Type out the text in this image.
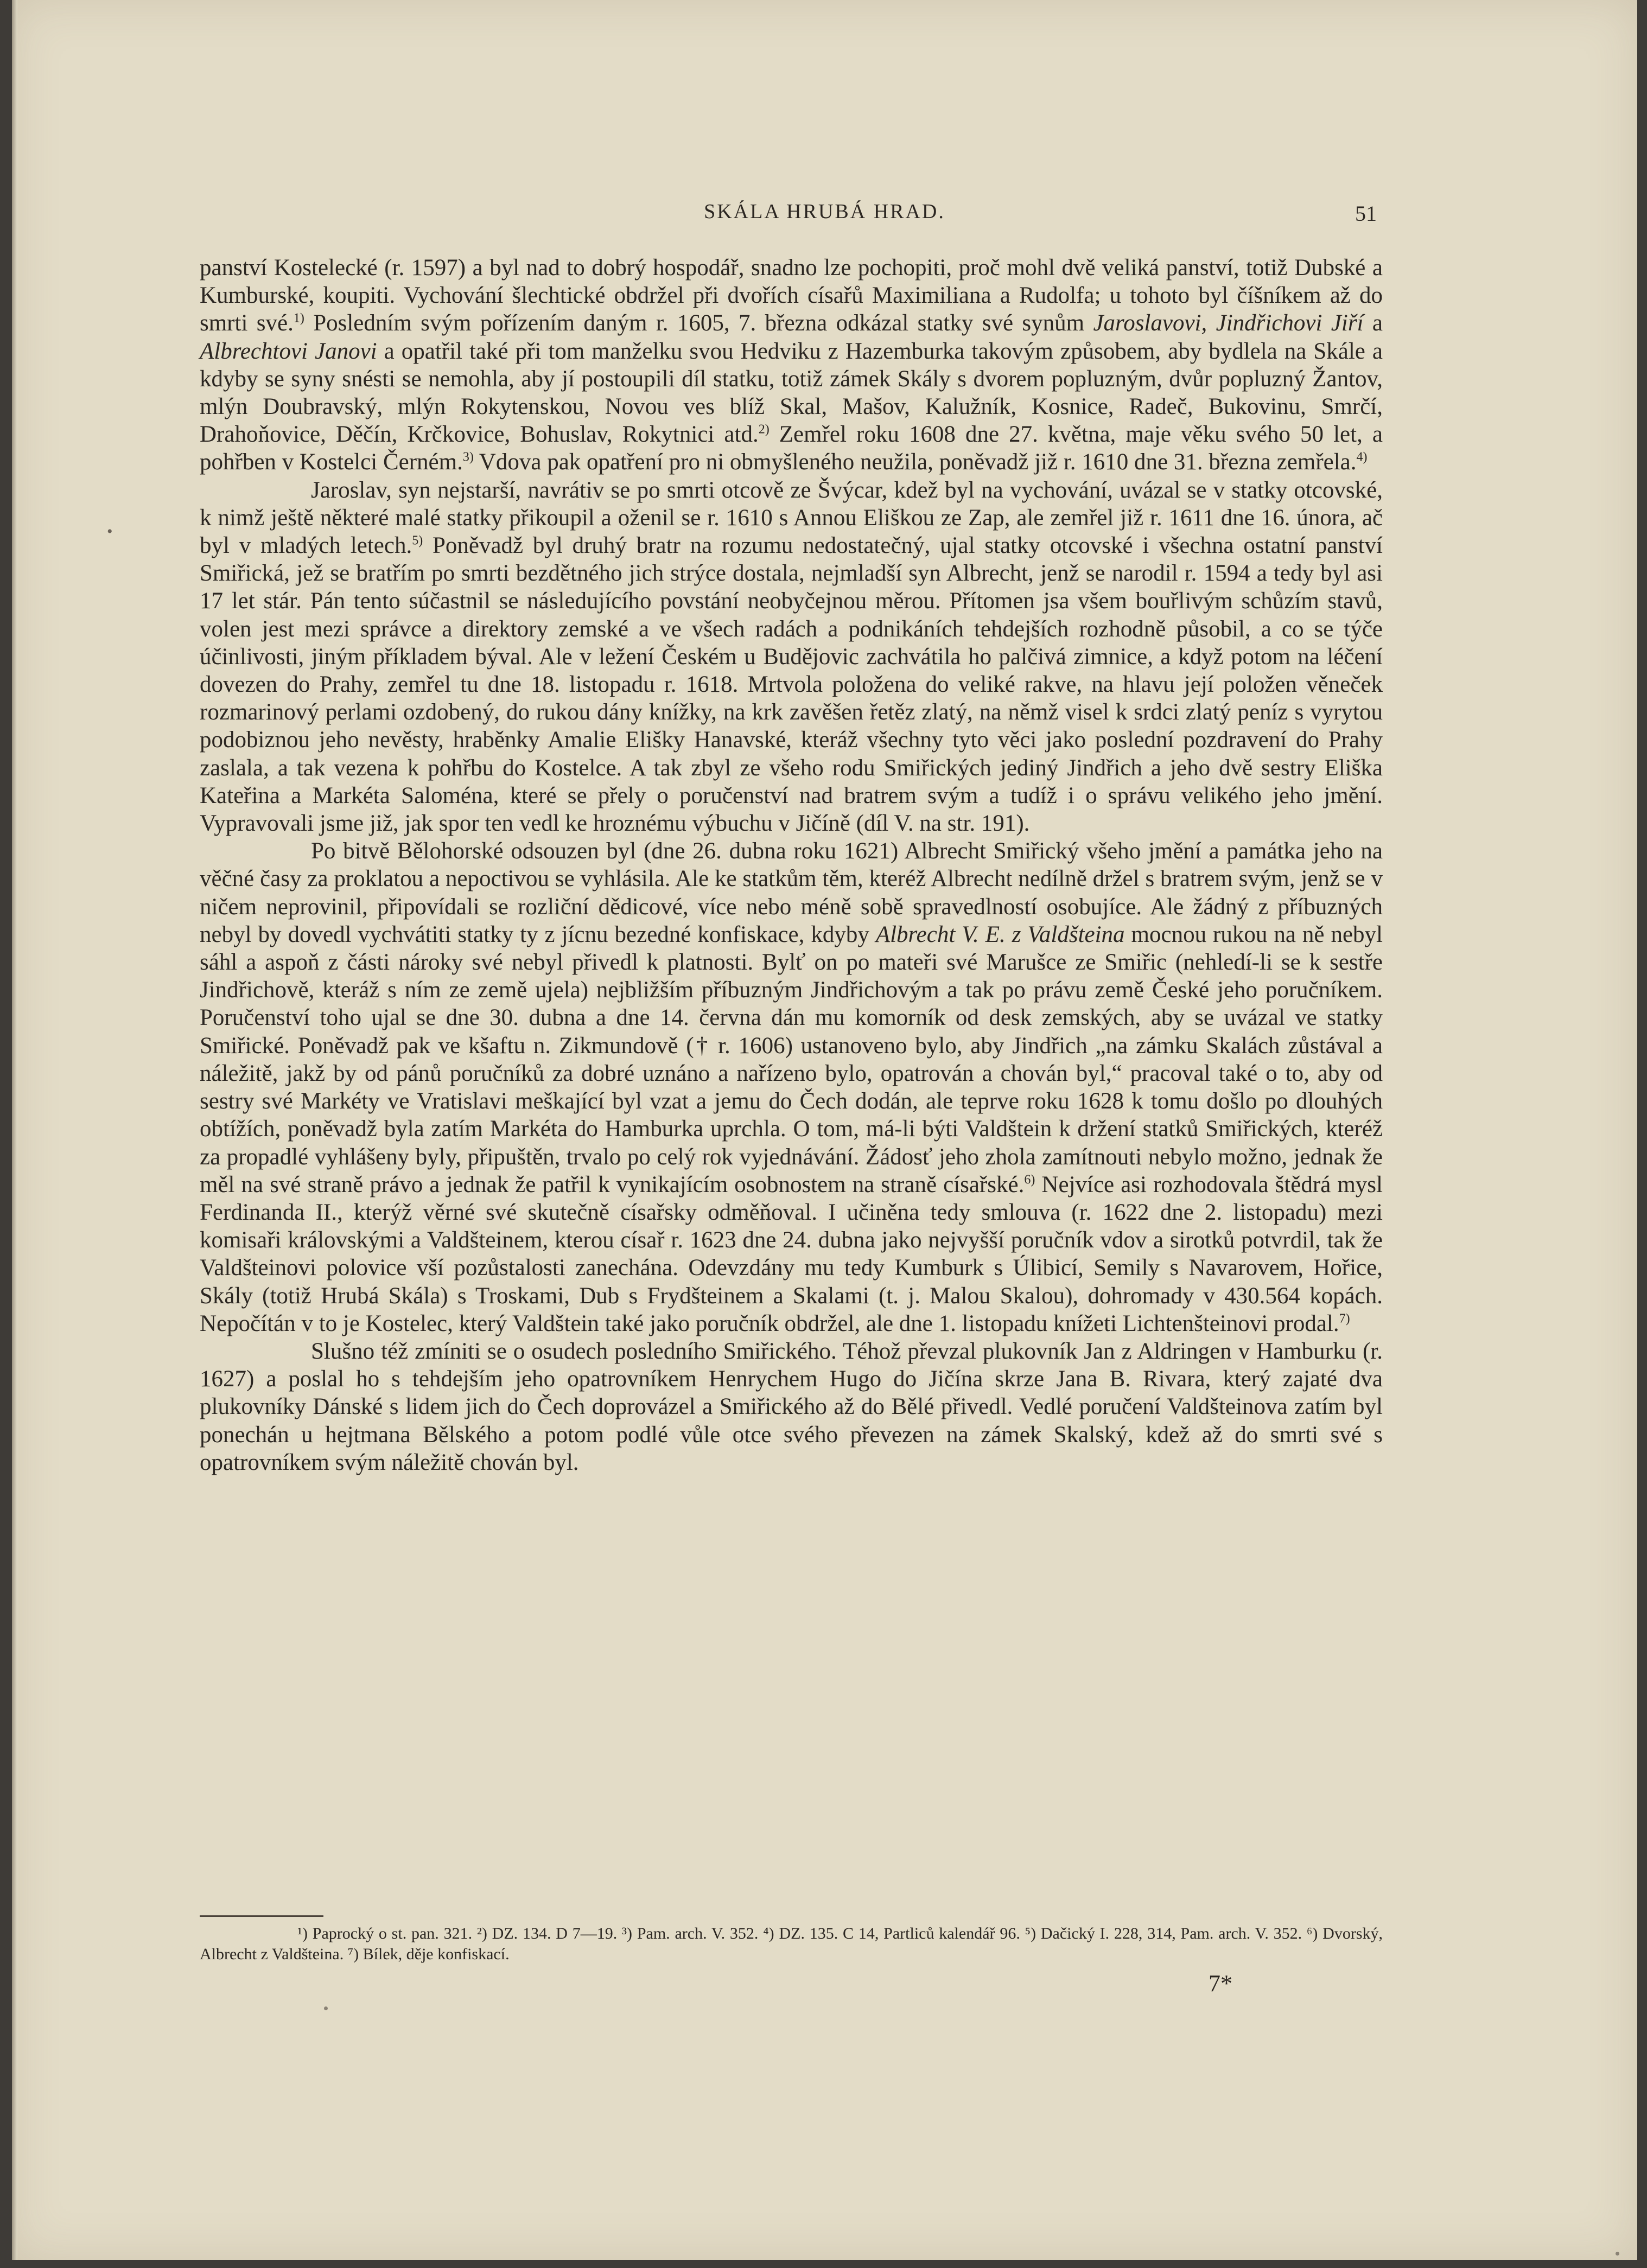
SKÁLA HRUBÁ HRAD.	51
•

panství Kostelecké (r. 1597) a byl nad to dobrý hospodář, snadno lze pochopiti, proč mohl dvě veliká panství, totiž Dubské a Kumburské, koupiti. Vychování šlechtické obdržel při dvořích císařů Maximiliana a Rudolfa; u tohoto byl číšníkem až do smrti své.$^{1)}$ Posledním svým pořízením daným r. 1605, 7. března odkázal statky své synům Jaroslavovi, Jindřichovi Jiří a Albrechtovi Janovi a opatřil také při tom manželku svou Hedviku z Hazemburka takovým způsobem, aby bydlela na Skále a kdyby se syny snésti se nemohla, aby jí postoupili díl statku, totiž zámek Skály s dvorem popluzným, dvůr popluzný Žantov, mlýn Doubravský, mlýn Rokytenskou, Novou ves blíž Skal, Mašov, Kalužník, Kosnice, Radeč, Bukovinu, Smrčí, Drahoňovice, Děčín, Krčkovice, Bohuslav, Rokytnici atd.$^{2)}$ Zemřel roku 1608 dne 27. května, maje věku svého 50 let, a pohřben v Kostelci Černém.$^{3)}$ Vdova pak opatření pro ni obmyšleného neužila, poněvadž již r. 1610 dne 31. března zemřela.$^{4)}$

Jaroslav, syn nejstarší, navrátiv se po smrti otcově ze Švýcar, kdež byl na vychování, uvázal se v statky otcovské, k nimž ještě některé malé statky přikoupil a oženil se r. 1610 s Annou Eliškou ze Zap, ale zemřel již r. 1611 dne 16. února, ač byl v mladých letech.$^{5)}$ Poněvadž byl druhý bratr na rozumu nedostatečný, ujal statky otcovské i všechna ostatní panství Smiřická, jež se bratřím po smrti bezdětného jich strýce dostala, nejmladší syn Albrecht, jenž se narodil r. 1594 a tedy byl asi 17 let stár. Pán tento súčastnil se následujícího povstání neobyčejnou měrou. Přítomen jsa všem bouřlivým schůzím stavů, volen jest mezi správce a direktory zemské a ve všech radách a podnikáních tehdejších rozhodně působil, a co se týče účinlivosti, jiným příkladem býval. Ale v ležení Českém u Budějovic zachvátila ho palčivá zimnice, a když potom na léčení dovezen do Prahy, zemřel tu dne 18. listopadu r. 1618. Mrtvola položena do veliké rakve, na hlavu její položen věneček rozmarinový perlami ozdobený, do rukou dány knížky, na krk zavěšen řetěz zlatý, na němž visel k srdci zlatý peníz s vyrytou podobiznou jeho nevěsty, hraběnky Amalie Elišky Hanavské, kteráž všechny tyto věci jako poslední pozdravení do Prahy zaslala, a tak vezena k pohřbu do Kostelce. A tak zbyl ze všeho rodu Smiřických jediný Jindřich a jeho dvě sestry Eliška Kateřina a Markéta Saloména, které se přely o poručenství nad bratrem svým a tudíž i o správu velikého jeho jmění. Vypravovali jsme již, jak spor ten vedl ke hroznému výbuchu v Jičíně (díl V. na str. 191).

Po bitvě Bělohorské odsouzen byl (dne 26. dubna roku 1621) Albrecht Smiřický všeho jmění a památka jeho na věčné časy za proklatou a nepoctivou se vyhlásila. Ale ke statkům těm, kteréž Albrecht nedílně držel s bratrem svým, jenž se v ničem neprovinil, připovídali se rozliční dědicové, více nebo méně sobě spravedlností osobujíce. Ale žádný z příbuzných nebyl by dovedl vychvátiti statky ty z jícnu bezedné konfiskace, kdyby Albrecht V. E. z Valdšteina mocnou rukou na ně nebyl sáhl a aspoň z části nároky své nebyl přivedl k platnosti. Bylť on po mateři své Marušce ze Smiřic (nehledí-li se k sestře Jindřichově, kteráž s ním ze země ujela) nejbližším příbuzným Jindřichovým a tak po právu země České jeho poručníkem. Poručenství toho ujal se dne 30. dubna a dne 14. června dán mu komorník od desk zemských, aby se uvázal ve statky Smiřické. Poněvadž pak ve kšaftu n. Zikmundově († r. 1606) ustanoveno bylo, aby Jindřich „na zámku Skalách zůstával a náležitě, jakž by od pánů poručníků za dobré uznáno a nařízeno bylo, opatrován a chován byl,“ pracoval také o to, aby od sestry své Markéty ve Vratislavi meškající byl vzat a jemu do Čech dodán, ale teprve roku 1628 k tomu došlo po dlouhých obtížích, poněvadž byla zatím Markéta do Hamburka uprchla. O tom, má-li býti Valdštein k držení statků Smiřických, kteréž za propadlé vyhlášeny byly, připuštěn, trvalo po celý rok vyjednávání. Žádosť jeho zhola zamítnouti nebylo možno, jednak že měl na své straně právo a jednak že patřil k vynikajícím osobnostem na straně císařské.$^{6)}$ Nejvíce asi rozhodovala štědrá mysl Ferdinanda II., kterýž věrné své skutečně císařsky odměňoval. I učiněna tedy smlouva (r. 1622 dne 2. listopadu) mezi komisaři královskými a Valdšteinem, kterou císař r. 1623 dne 24. dubna jako nejvyšší poručník vdov a sirotků potvrdil, tak že Valdšteinovi polovice vší pozůstalosti zanechána. Odevzdány mu tedy Kumburk s Úlibicí, Semily s Navarovem, Hořice, Skály (totiž Hrubá Skála) s Troskami, Dub s Frydšteinem a Skalami (t. j. Malou Skalou), dohromady v 430.564 kopách. Nepočítán v to je Kostelec, který Valdštein také jako poručník obdržel, ale dne 1. listopadu knížeti Lichtenšteinovi prodal.$^{7)}$

Slušno též zmíniti se o osudech posledního Smiřického. Téhož převzal plukovník Jan z Aldringen v Hamburku (r. 1627) a poslal ho s tehdejším jeho opatrovníkem Henrychem Hugo do Jičína skrze Jana B. Rivara, který zajaté dva plukovníky Dánské s lidem jich do Čech doprovázel a Smiřického až do Bělé přivedl. Vedlé poručení Valdšteinova zatím byl ponechán u hejtmana Bělského a potom podlé vůle otce svého převezen na zámek Skalský, kdež až do smrti své s opatrovníkem svým náležitě chován byl.

¹) Paprocký o st. pan. 321. ²) DZ. 134. D 7—19. ³) Pam. arch. V. 352. ⁴) DZ. 135. C 14, Partliců kalendář 96. ⁵) Dačický I. 228, 314, Pam. arch. V. 352. ⁶) Dvorský, Albrecht z Valdšteina. ⁷) Bílek, děje konfiskací.

7*
